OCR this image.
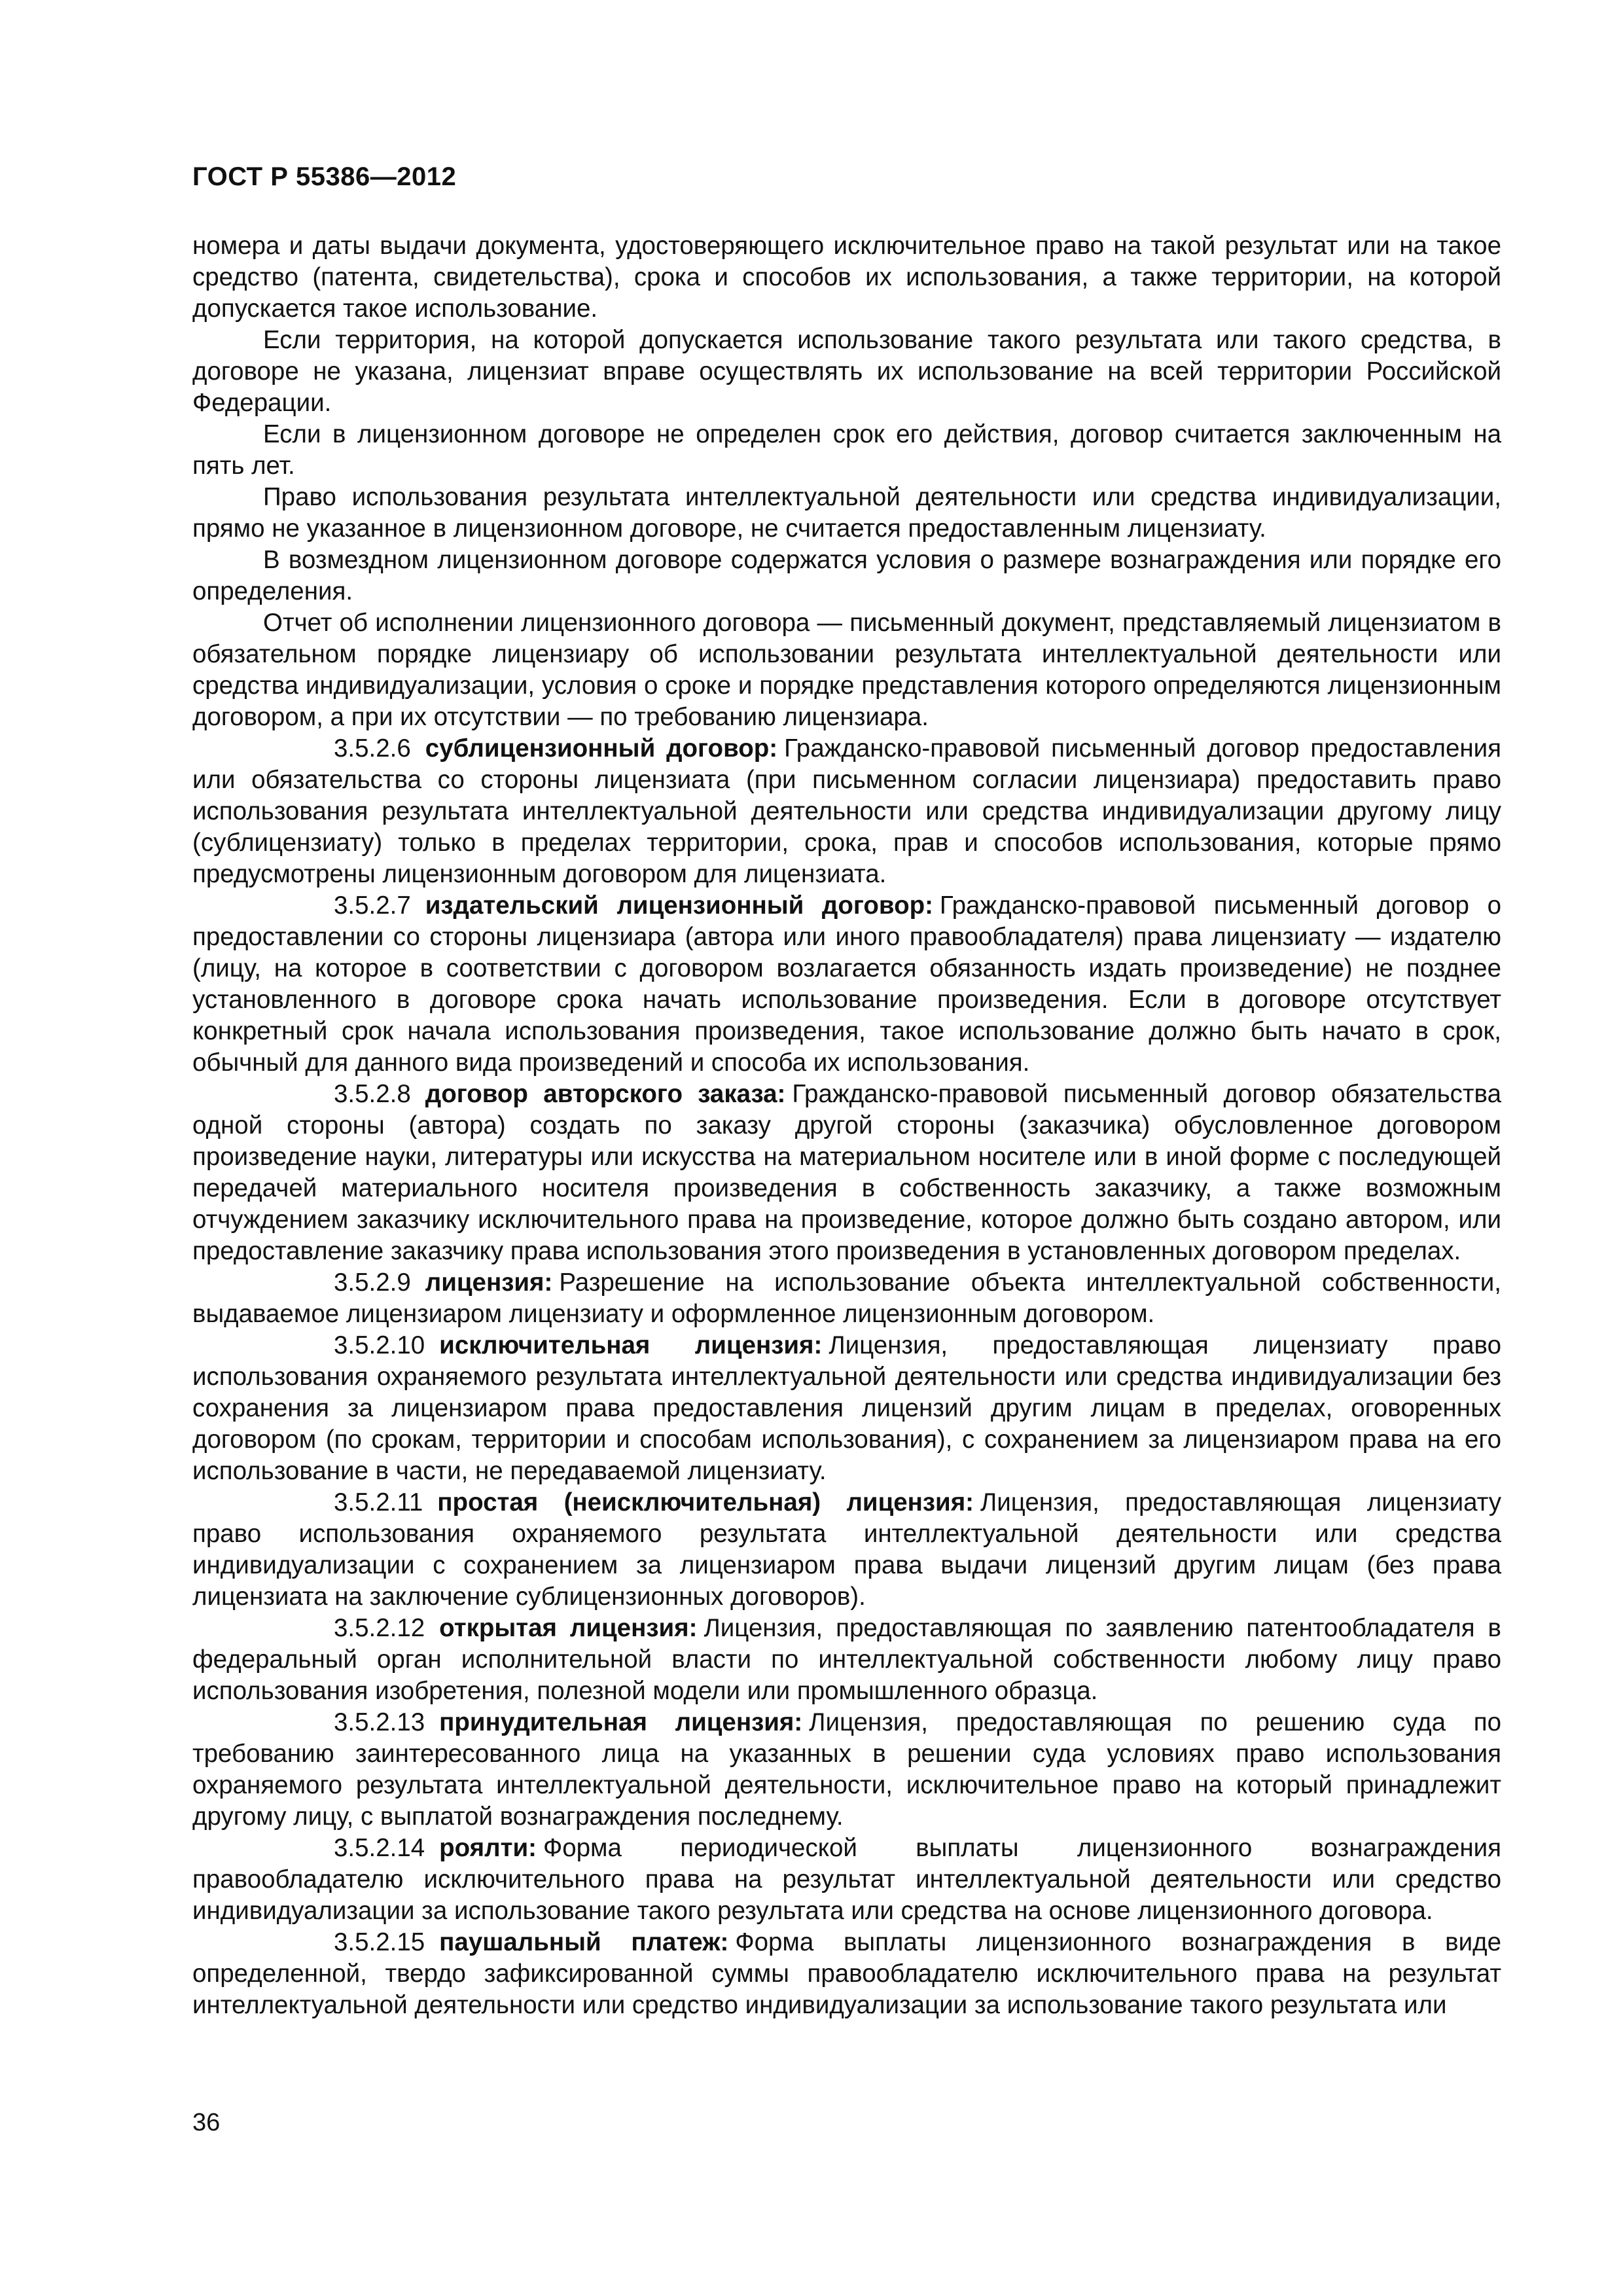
ГОСТ Р 55386—2012

номера и даты выдачи документа, удостоверяющего исключительное право на такой результат или на такое средство (патента, свидетельства), срока и способов их использования, а также территории, на которой допускается такое использование.

Если территория, на которой допускается использование такого результата или такого средства, в договоре не указана, лицензиат вправе осуществлять их использование на всей территории Российской Федерации.

Если в лицензионном договоре не определен срок его действия, договор считается заключенным на пять лет.

Право использования результата интеллектуальной деятельности или средства индивидуализации, прямо не указанное в лицензионном договоре, не считается предоставленным лицензиату.

В возмездном лицензионном договоре содержатся условия о размере вознаграждения или порядке его определения.

Отчет об исполнении лицензионного договора — письменный документ, представляемый лицензиатом в обязательном порядке лицензиару об использовании результата интеллектуальной деятельности или средства индивидуализации, условия о сроке и порядке представления которого определяются лицензионным договором, а при их отсутствии — по требованию лицензиара.

3.5.2.6 сублицензионный договор: Гражданско-правовой письменный договор предоставления или обязательства со стороны лицензиата (при письменном согласии лицензиара) предоставить право использования результата интеллектуальной деятельности или средства индивидуализации другому лицу (сублицензиату) только в пределах территории, срока, прав и способов использования, которые прямо предусмотрены лицензионным договором для лицензиата.

3.5.2.7 издательский лицензионный договор: Гражданско-правовой письменный договор о предоставлении со стороны лицензиара (автора или иного правообладателя) права лицензиату — издателю (лицу, на которое в соответствии с договором возлагается обязанность издать произведение) не позднее установленного в договоре срока начать использование произведения. Если в договоре отсутствует конкретный срок начала использования произведения, такое использование должно быть начато в срок, обычный для данного вида произведений и способа их использования.

3.5.2.8 договор авторского заказа: Гражданско-правовой письменный договор обязательства одной стороны (автора) создать по заказу другой стороны (заказчика) обусловленное договором произведение науки, литературы или искусства на материальном носителе или в иной форме с последующей передачей материального носителя произведения в собственность заказчику, а также возможным отчуждением заказчику исключительного права на произведение, которое должно быть создано автором, или предоставление заказчику права использования этого произведения в установленных договором пределах.

3.5.2.9 лицензия: Разрешение на использование объекта интеллектуальной собственности, выдаваемое лицензиаром лицензиату и оформленное лицензионным договором.

3.5.2.10 исключительная лицензия: Лицензия, предоставляющая лицензиату право использования охраняемого результата интеллектуальной деятельности или средства индивидуализации без сохранения за лицензиаром права предоставления лицензий другим лицам в пределах, оговоренных договором (по срокам, территории и способам использования), с сохранением за лицензиаром права на его использование в части, не передаваемой лицензиату.

3.5.2.11 простая (неисключительная) лицензия: Лицензия, предоставляющая лицензиату право использования охраняемого результата интеллектуальной деятельности или средства индивидуализации с сохранением за лицензиаром права выдачи лицензий другим лицам (без права лицензиата на заключение сублицензионных договоров).

3.5.2.12 открытая лицензия: Лицензия, предоставляющая по заявлению патентообладателя в федеральный орган исполнительной власти по интеллектуальной собственности любому лицу право использования изобретения, полезной модели или промышленного образца.

3.5.2.13 принудительная лицензия: Лицензия, предоставляющая по решению суда по требованию заинтересованного лица на указанных в решении суда условиях право использования охраняемого результата интеллектуальной деятельности, исключительное право на который принадлежит другому лицу, с выплатой вознаграждения последнему.

3.5.2.14 роялти: Форма периодической выплаты лицензионного вознаграждения правообладателю исключительного права на результат интеллектуальной деятельности или средство индивидуализации за использование такого результата или средства на основе лицензионного договора.

3.5.2.15 паушальный платеж: Форма выплаты лицензионного вознаграждения в виде определенной, твердо зафиксированной суммы правообладателю исключительного права на результат интеллектуальной деятельности или средство индивидуализации за использование такого результата или

36
